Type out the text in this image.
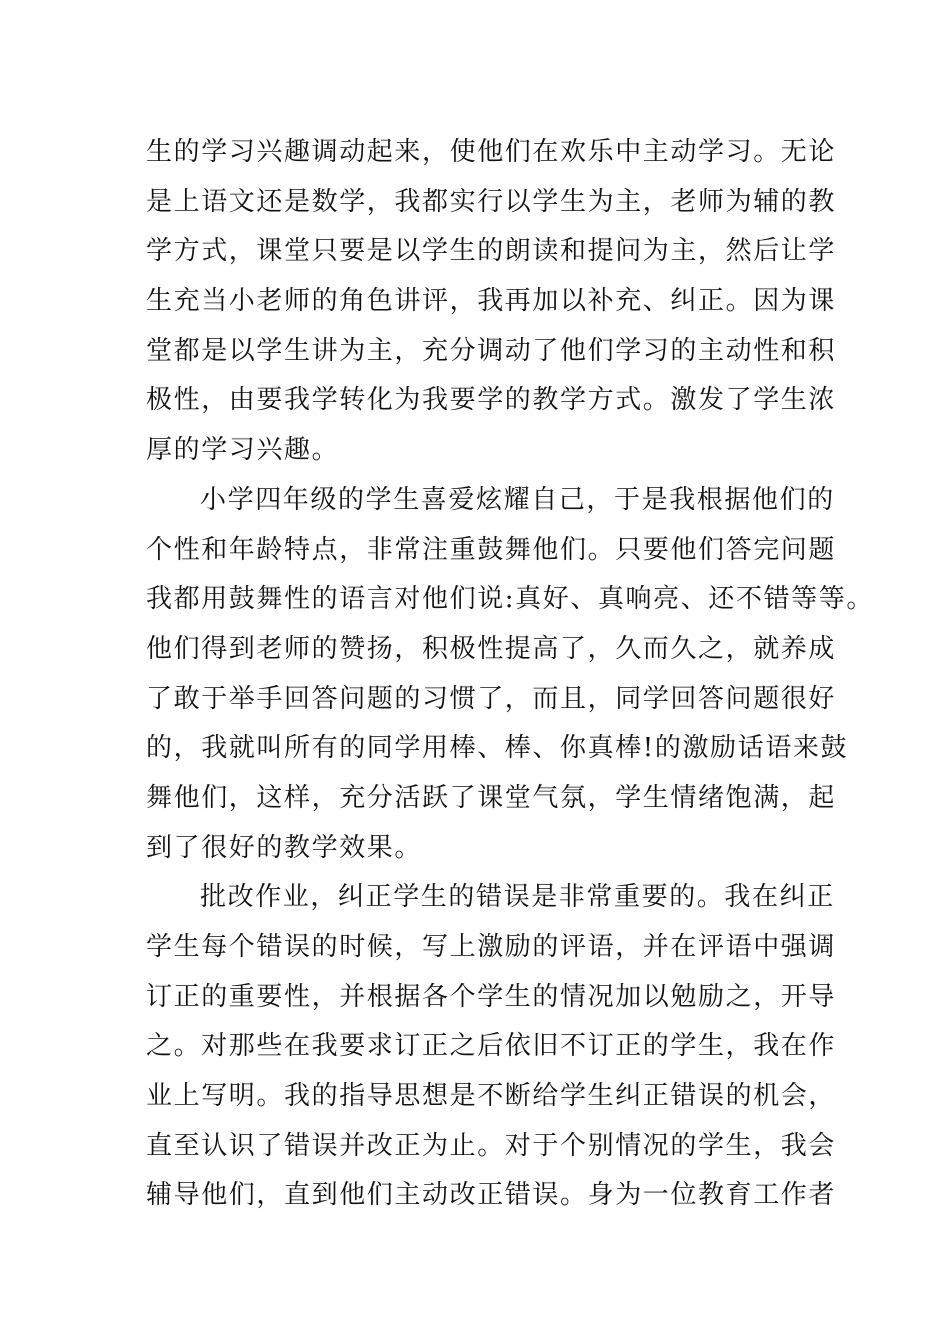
生的学习兴趣调动起来，使他们在欢乐中主动学习。无论
是上语文还是数学，我都实行以学生为主，老师为辅的教
学方式，课堂只要是以学生的朗读和提问为主，然后让学
生充当小老师的角色讲评，我再加以补充、纠正。因为课
堂都是以学生讲为主，充分调动了他们学习的主动性和积
极性，由要我学转化为我要学的教学方式。激发了学生浓
厚的学习兴趣。
小学四年级的学生喜爱炫耀自己，于是我根据他们的
个性和年龄特点，非常注重鼓舞他们。只要他们答完问题
我都用鼓舞性的语言对他们说:真好、真响亮、还不错等等。
他们得到老师的赞扬，积极性提高了，久而久之，就养成
了敢于举手回答问题的习惯了，而且，同学回答问题很好
的，我就叫所有的同学用棒、棒、你真棒!的激励话语来鼓
舞他们，这样，充分活跃了课堂气氛，学生情绪饱满，起
到了很好的教学效果。
批改作业，纠正学生的错误是非常重要的。我在纠正
学生每个错误的时候，写上激励的评语，并在评语中强调
订正的重要性，并根据各个学生的情况加以勉励之，开导
之。对那些在我要求订正之后依旧不订正的学生，我在作
业上写明。我的指导思想是不断给学生纠正错误的机会，
直至认识了错误并改正为止。对于个别情况的学生，我会
辅导他们，直到他们主动改正错误。身为一位教育工作者
